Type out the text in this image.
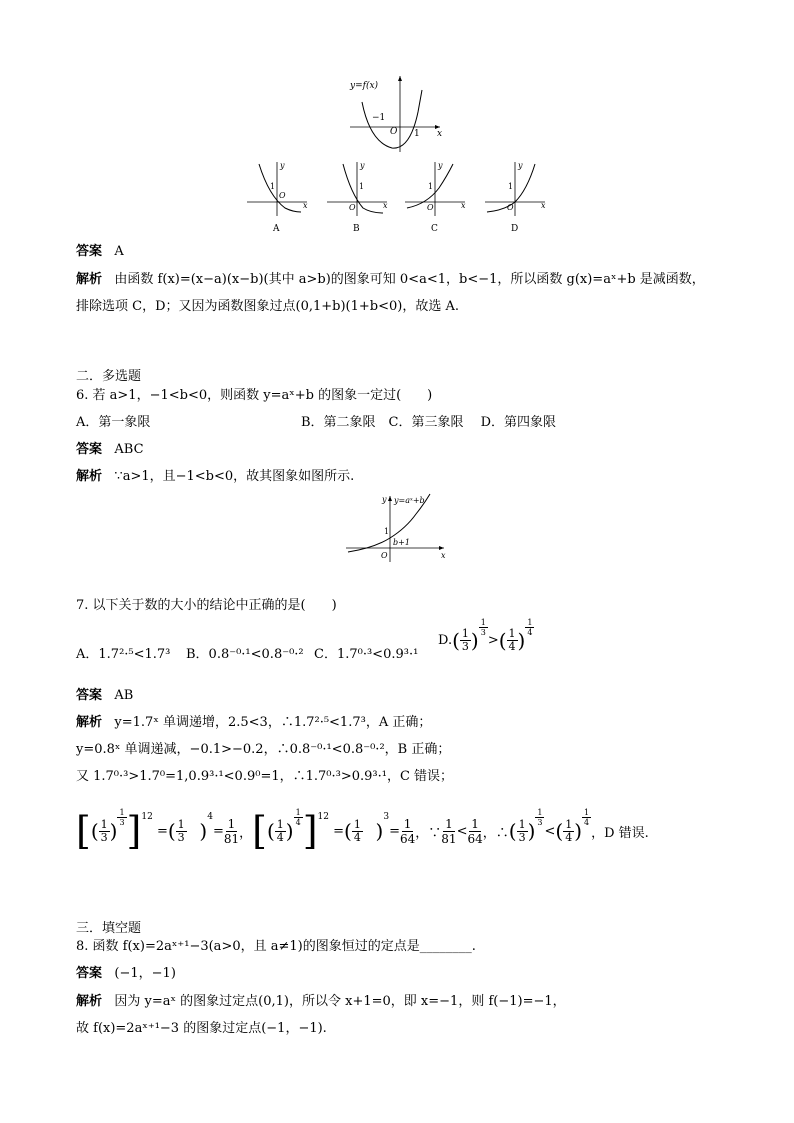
y=f(x)
−1
O 1 x
y
1
O
x
A
y
1
O	x
B
y
1
O	x
C
y
1
O	x
D
答案 A
解析 由函数 f(x)=(x−a)(x−b)(其中 a>b)的图象可知 0<a<1，b<−1，所以函数 g(x)=aˣ+b 是减函数，
排除选项 C，D；又因为函数图象过点(0,1+b)(1+b<0)，故选 A.
二．多选题
6. 若 a>1，−1<b<0，则函数 y=aˣ+b 的图象一定过(　　)
A．第一象限	B．第二象限　C．第三象限　 D．第四象限
答案 ABC
解析 ∵a>1，且−1<b<0，故其图象如图所示.
y y=aˣ+b
1
b+1
O	x
7. 以下关于数的大小的结论中正确的是(　　)
A．1.7²·⁵<1.7³ B．0.8⁻⁰·¹<0.8⁻⁰·² C．1.7⁰·³<0.9³·¹
$D.( \frac{1}{3}$ )
$^{\frac{1}{3}}$
>( $\frac{1}{4}$ )
$^{\frac{1}{4}}$
答案 AB
解析 y=1.7ˣ 单调递增，2.5<3，∴1.7²·⁵<1.7³，A 正确；
y=0.8ˣ 单调递减，−0.1>−0.2，∴0.8⁻⁰·¹<0.8⁻⁰·²，B 正确；
又 1.7⁰·³>1.7⁰=1,0.9³·¹<0.9⁰=1，∴1.7⁰·³>0.9³·¹，C 错误；
[ ( $\frac{1}{3}$ )
$\frac{1}{3}$ ] 12
= ( $\frac{1}{3}$ )
4
= $\frac{1}{81}$ ， [ ( $\frac{1}{4}$ )
$\frac{1}{4}$ ] 12
= ( $\frac{1}{4}$ )
3
= $\frac{1}{64}$ ，∵ $\frac{1}{81} < \frac{1}{64}$ ，∴ ( $\frac{1}{3}$ )
$\frac{1}{3}$
< ( $\frac{1}{4}$ )
$\frac{1}{4}$
，D 错误.
三．填空题
8. 函数 f(x)=2aˣ⁺¹−3(a>0，且 a≠1)的图象恒过的定点是________.
答案 (−1，−1)
解析 因为 y=aˣ 的图象过定点(0,1)，所以令 x+1=0，即 x=−1，则 f(−1)=−1，
故 f(x)=2aˣ⁺¹−3 的图象过定点(−1，−1).
